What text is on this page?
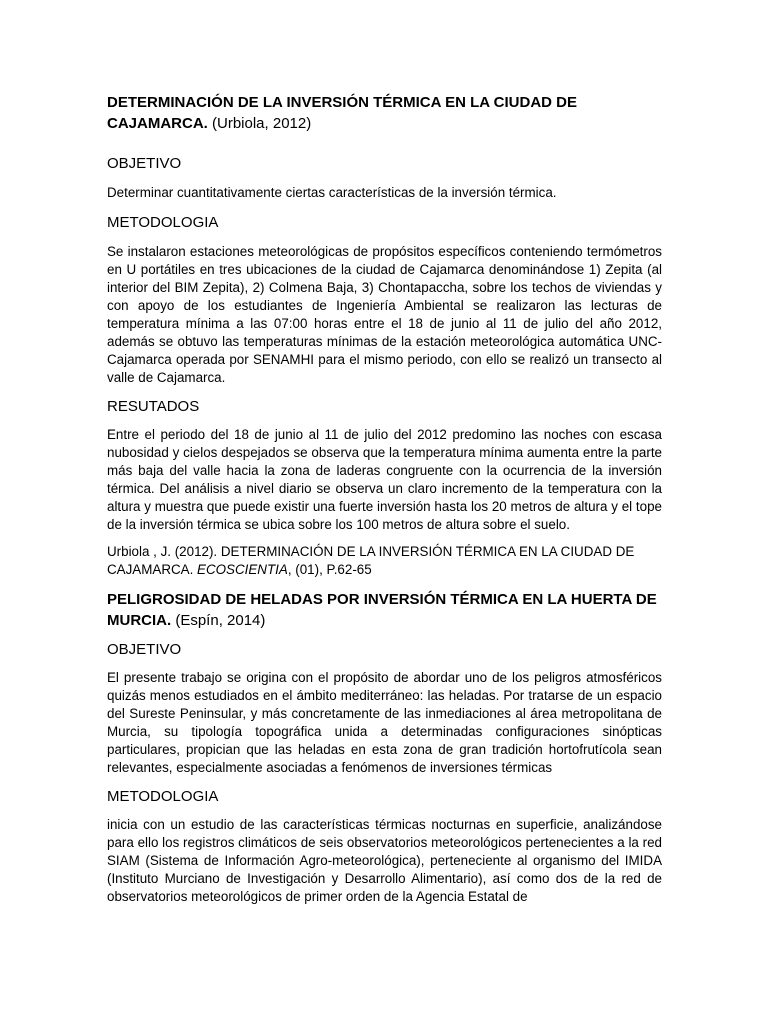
DETERMINACIÓN DE LA INVERSIÓN TÉRMICA EN LA CIUDAD DE CAJAMARCA. (Urbiola, 2012)
OBJETIVO

Determinar cuantitativamente ciertas características de la inversión térmica.

METODOLOGIA

Se instalaron estaciones meteorológicas de propósitos específicos conteniendo termómetros en U portátiles en tres ubicaciones de la ciudad de Cajamarca denominándose 1) Zepita (al interior del BIM Zepita), 2) Colmena Baja, 3) Chontapaccha, sobre los techos de viviendas y con apoyo de los estudiantes de Ingeniería Ambiental se realizaron las lecturas de temperatura mínima a las 07:00 horas entre el 18 de junio al 11 de julio del año 2012, además se obtuvo las temperaturas mínimas de la estación meteorológica automática UNC-Cajamarca operada por SENAMHI para el mismo periodo, con ello se realizó un transecto al valle de Cajamarca.

RESUTADOS

Entre el periodo del 18 de junio al 11 de julio del 2012 predomino las noches con escasa nubosidad y cielos despejados se observa que la temperatura mínima aumenta entre la parte más baja del valle hacia la zona de laderas congruente con la ocurrencia de la inversión térmica. Del análisis a nivel diario se observa un claro incremento de la temperatura con la altura y muestra que puede existir una fuerte inversión hasta los 20 metros de altura y el tope de la inversión térmica se ubica sobre los 100 metros de altura sobre el suelo.

Urbiola , J. (2012). DETERMINACIÓN DE LA INVERSIÓN TÉRMICA EN LA CIUDAD DE CAJAMARCA. ECOSCIENTIA, (01), P.62-65

PELIGROSIDAD DE HELADAS POR INVERSIÓN TÉRMICA EN LA HUERTA DE MURCIA. (Espín, 2014)
OBJETIVO

El presente trabajo se origina con el propósito de abordar uno de los peligros atmosféricos quizás menos estudiados en el ámbito mediterráneo: las heladas. Por tratarse de un espacio del Sureste Peninsular, y más concretamente de las inmediaciones al área metropolitana de Murcia, su tipología topográfica unida a determinadas configuraciones sinópticas particulares, propician que las heladas en esta zona de gran tradición hortofrutícola sean relevantes, especialmente asociadas a fenómenos de inversiones térmicas

METODOLOGIA

inicia con un estudio de las características térmicas nocturnas en superficie, analizándose para ello los registros climáticos de seis observatorios meteorológicos pertenecientes a la red SIAM (Sistema de Información Agro-meteorológica), perteneciente al organismo del IMIDA (Instituto Murciano de Investigación y Desarrollo Alimentario), así como dos de la red de observatorios meteorológicos de primer orden de la Agencia Estatal de
